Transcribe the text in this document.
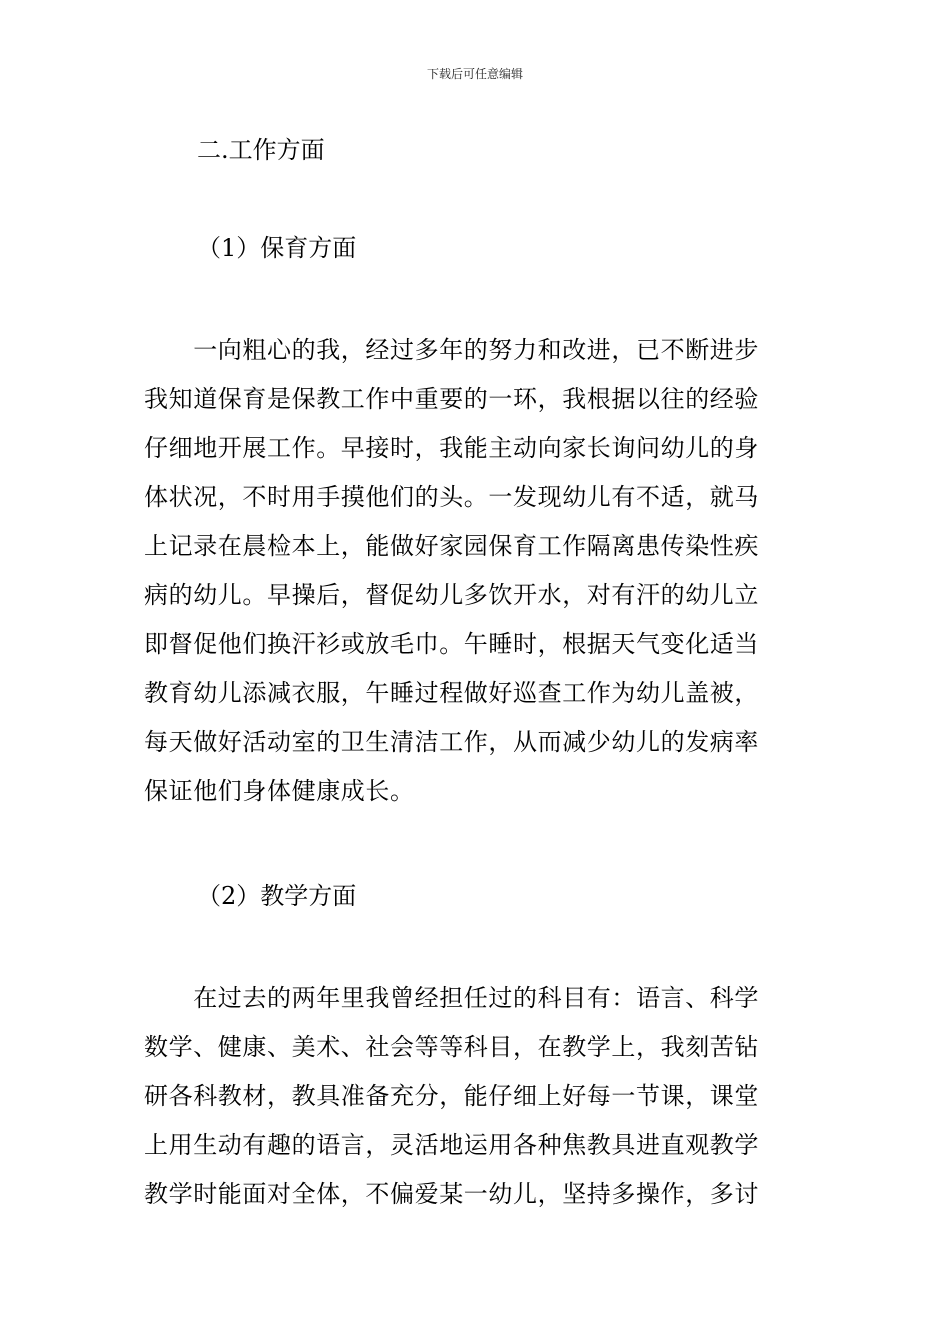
下载后可任意编辑
二.工作方面
（1）保育方面
　　一向粗心的我，经过多年的努力和改进，已不断进步
我知道保育是保教工作中重要的一环，我根据以往的经验
仔细地开展工作。早接时，我能主动向家长询问幼儿的身
体状况，不时用手摸他们的头。一发现幼儿有不适，就马
上记录在晨检本上，能做好家园保育工作隔离患传染性疾
病的幼儿。早操后，督促幼儿多饮开水，对有汗的幼儿立
即督促他们换汗衫或放毛巾。午睡时，根据天气变化适当
教育幼儿添减衣服，午睡过程做好巡查工作为幼儿盖被，
每天做好活动室的卫生清洁工作，从而减少幼儿的发病率
保证他们身体健康成长。
（2）教学方面
　　在过去的两年里我曾经担任过的科目有：语言、科学
数学、健康、美术、社会等等科目，在教学上，我刻苦钻
研各科教材，教具准备充分，能仔细上好每一节课，课堂
上用生动有趣的语言，灵活地运用各种焦教具进直观教学
教学时能面对全体，不偏爱某一幼儿，坚持多操作，多讨
